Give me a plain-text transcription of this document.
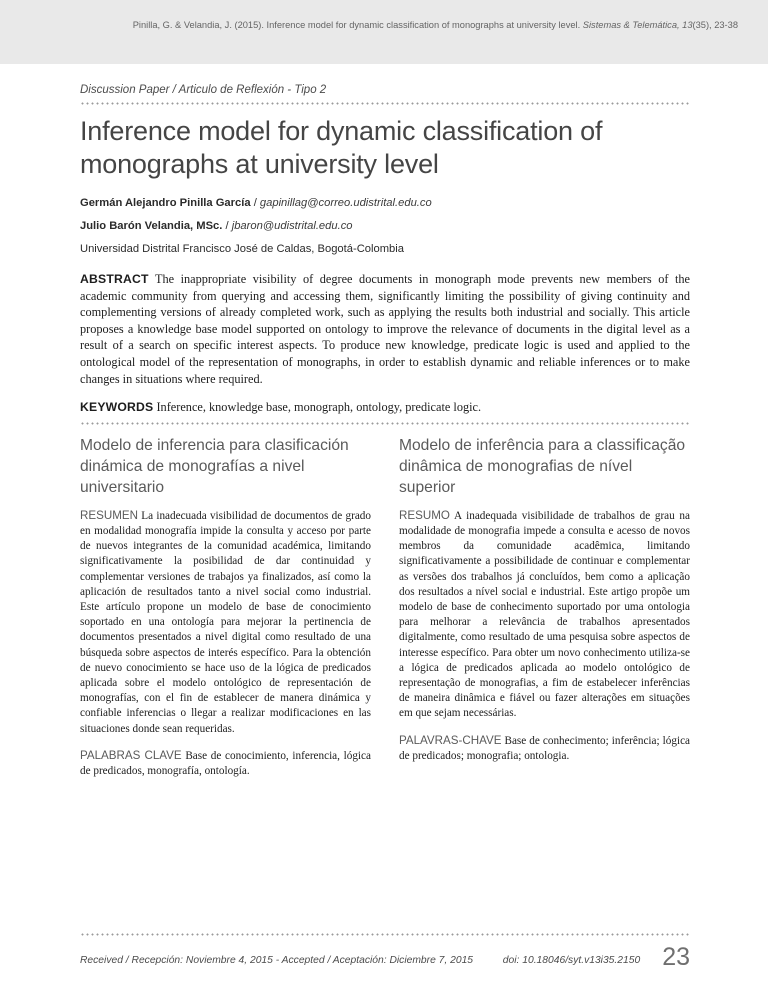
Pinilla, G. & Velandia, J. (2015). Inference model for dynamic classification of monographs at university level. Sistemas & Telemática, 13(35), 23-38
Discussion Paper / Articulo de Reflexión - Tipo 2
Inference model for dynamic classification of monographs at university level
Germán Alejandro Pinilla García / gapinillag@correo.udistrital.edu.co
Julio Barón Velandia, MSc. / jbaron@udistrital.edu.co
Universidad Distrital Francisco José de Caldas, Bogotá-Colombia

ABSTRACT The inappropriate visibility of degree documents in monograph mode prevents new members of the academic community from querying and accessing them, significantly limiting the possibility of giving continuity and complementing versions of already completed work, such as applying the results both industrial and socially. This article proposes a knowledge base model supported on ontology to improve the relevance of documents in the digital level as a result of a search on specific interest aspects. To produce new knowledge, predicate logic is used and applied to the ontological model of the representation of monographs, in order to establish dynamic and reliable inferences or to make changes in situations where required.

KEYWORDS Inference, knowledge base, monograph, ontology, predicate logic.

Modelo de inferencia para clasificación dinámica de monografías a nivel universitario

RESUMEN La inadecuada visibilidad de documentos de grado en modalidad monografía impide la consulta y acceso por parte de nuevos integrantes de la comunidad académica, limitando significativamente la posibilidad de dar continuidad y complementar versiones de trabajos ya finalizados, así como la aplicación de resultados tanto a nivel social como industrial. Este artículo propone un modelo de base de conocimiento soportado en una ontología para mejorar la pertinencia de documentos presentados a nivel digital como resultado de una búsqueda sobre aspectos de interés específico. Para la obtención de nuevo conocimiento se hace uso de la lógica de predicados aplicada sobre el modelo ontológico de representación de monografías, con el fin de establecer de manera dinámica y confiable inferencias o llegar a realizar modificaciones en las situaciones donde sean requeridas.

PALABRAS CLAVE Base de conocimiento, inferencia, lógica de predicados, monografía, ontología.

Modelo de inferência para a classificação dinâmica de monografias de nível superior

RESUMO A inadequada visibilidade de trabalhos de grau na modalidade de monografia impede a consulta e acesso de novos membros da comunidade acadêmica, limitando significativamente a possibilidade de continuar e complementar as versões dos trabalhos já concluídos, bem como a aplicação dos resultados a nível social e industrial. Este artigo propõe um modelo de base de conhecimento suportado por uma ontologia para melhorar a relevância de trabalhos apresentados digitalmente, como resultado de uma pesquisa sobre aspectos de interesse específico. Para obter um novo conhecimento utiliza-se a lógica de predicados aplicada ao modelo ontológico de representação de monografias, a fim de estabelecer inferências de maneira dinâmica e fiável ou fazer alterações em situações em que sejam necessárias.

PALAVRAS-CHAVE Base de conhecimento; inferência; lógica de predicados; monografia; ontologia.

Received / Recepción: Noviembre 4, 2015 - Accepted / Aceptación: Diciembre 7, 2015	doi: 10.18046/syt.v13i35.2150 23
